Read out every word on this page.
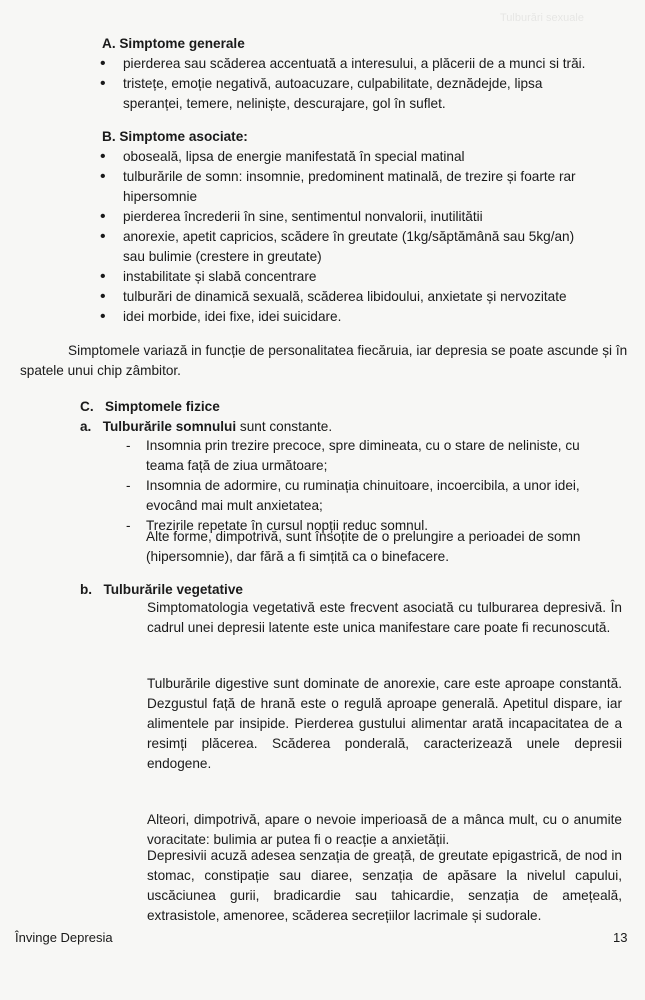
Tulburări sexuale
A. Simptome generale
• pierderea sau scăderea accentuată a interesului, a plăcerii de a munci si trăi.
• tristețe, emoție negativă, autoacuzare, culpabilitate, deznădejde, lipsa speranței, temere, neliniște, descurajare, gol în suflet.
B. Simptome asociate:
• oboseală, lipsa de energie manifestată în special matinal
• tulburările de somn: insomnie, predominent matinală, de trezire și foarte rar hipersomnie
• pierderea încrederii în sine, sentimentul nonvalorii, inutilitătii
• anorexie, apetit capricios, scădere în greutate (1kg/săptămână sau 5kg/an) sau bulimie (crestere in greutate)
• instabilitate și slabă concentrare
• tulburări de dinamică sexuală, scăderea libidoului, anxietate și nervozitate
• idei morbide, idei fixe, idei suicidare.
Simptomele variază in funcție de personalitatea fiecăruia, iar depresia se poate ascunde și în spatele unui chip zâmbitor.
C. Simptomele fizice
a. Tulburările somnului sunt constante.
- Insomnia prin trezire precoce, spre dimineata, cu o stare de neliniste, cu teama față de ziua următoare;
- Insomnia de adormire, cu ruminația chinuitoare, incoercibila, a unor idei, evocând mai mult anxietatea;
- Trezirile repetate în cursul nopții reduc somnul.
Alte forme, dimpotrivă, sunt însoțite de o prelungire a perioadei de somn (hipersomnie), dar fără a fi simțită ca o binefacere.
b. Tulburările vegetative
Simptomatologia vegetativă este frecvent asociată cu tulburarea depresivă. În cadrul unei depresii latente este unica manifestare care poate fi recunoscută.
Tulburările digestive sunt dominate de anorexie, care este aproape constantă. Dezgustul față de hrană este o regulă aproape generală. Apetitul dispare, iar alimentele par insipide. Pierderea gustului alimentar arată incapacitatea de a resimți plăcerea. Scăderea ponderală, caracterizează unele depresii endogene.
Alteori, dimpotrivă, apare o nevoie imperioasă de a mânca mult, cu o anumite voracitate: bulimia ar putea fi o reacție a anxietății.
Depresivii acuză adesea senzația de greață, de greutate epigastrică, de nod in stomac, constipație sau diaree, senzația de apăsare la nivelul capului, uscăciunea gurii, bradicardie sau tahicardie, senzația de amețeală, extrasistole, amenoree, scăderea secrețiilor lacrimale și sudorale.
Învinge Depresia	13
